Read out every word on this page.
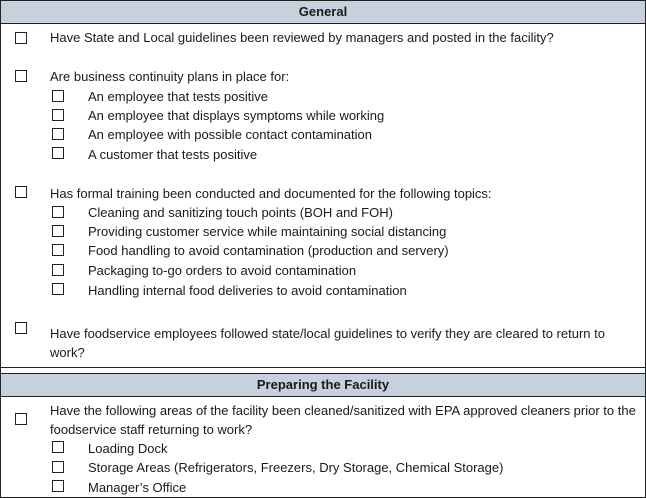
General
Have State and Local guidelines been reviewed by managers and posted in the facility?
Are business continuity plans in place for:
An employee that tests positive
An employee that displays symptoms while working
An employee with possible contact contamination
A customer that tests positive
Has formal training been conducted and documented for the following topics:
Cleaning and sanitizing touch points (BOH and FOH)
Providing customer service while maintaining social distancing
Food handling to avoid contamination (production and servery)
Packaging to-go orders to avoid contamination
Handling internal food deliveries to avoid contamination
Have foodservice employees followed state/local guidelines to verify they are cleared to return to work?
Preparing the Facility
Have the following areas of the facility been cleaned/sanitized with EPA approved cleaners prior to the foodservice staff returning to work?
Loading Dock
Storage Areas (Refrigerators, Freezers, Dry Storage, Chemical Storage)
Manager’s Office
